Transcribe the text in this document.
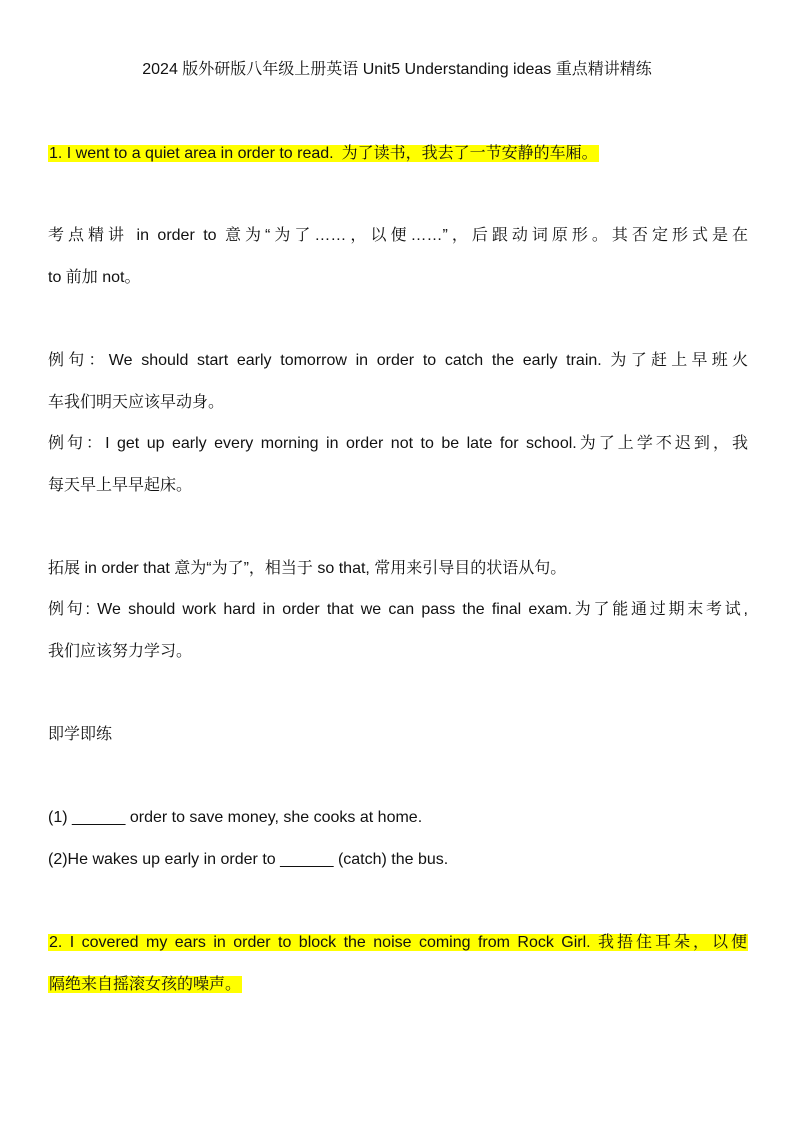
2024 版外研版八年级上册英语 Unit5 Understanding ideas 重点精讲精练
1. I went to a quiet area in order to read. 为了读书，我去了一节安静的车厢。
考点精讲 in order to 意为“为了……，以便……”，后跟动词原形。其否定形式是在
to 前加 not。
例句：We should start early tomorrow in order to catch the early train. 为了赶上早班火
车我们明天应该早动身。
例句：I get up early every morning in order not to be late for school.为了上学不迟到，我
每天早上早早起床。
拓展 in order that 意为“为了”，相当于 so that, 常用来引导目的状语从句。
例句: We should work hard in order that we can pass the final exam.为了能通过期末考试,
我们应该努力学习。
即学即练
(1) ______ order to save money, she cooks at home.
(2)He wakes up early in order to ______ (catch) the bus.
2. I covered my ears in order to block the noise coming from Rock Girl. 我捂住耳朵，以便
隔绝来自摇滚女孩的噪声。
